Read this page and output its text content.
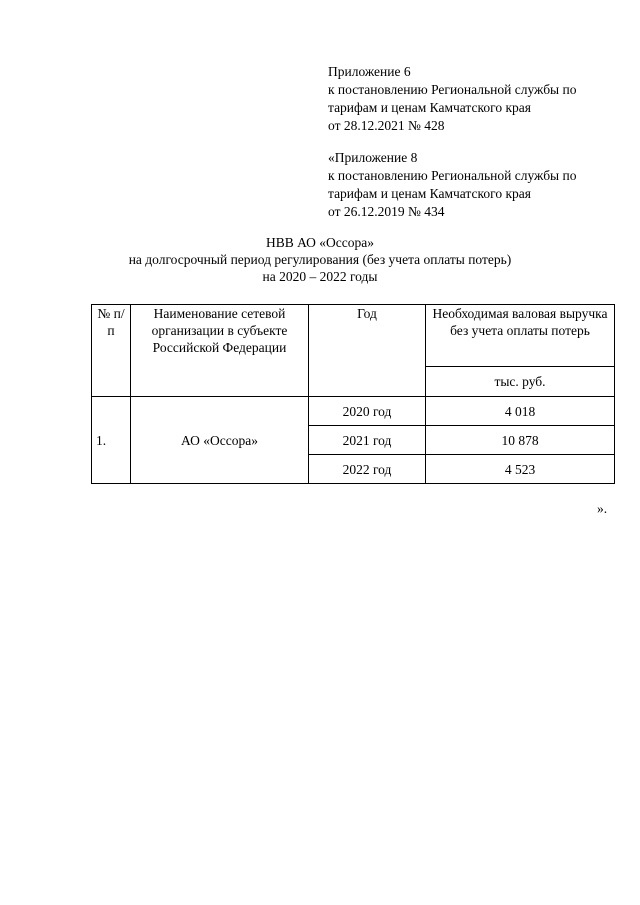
Приложение 6
к постановлению Региональной службы по
тарифам и ценам Камчатского края
от 28.12.2021 № 428
«Приложение 8
к постановлению Региональной службы по
тарифам и ценам Камчатского края
от 26.12.2019 № 434
НВВ АО «Оссора»
на долгосрочный период регулирования (без учета оплаты потерь)
на 2020 – 2022 годы
№ п/п	Наименование сетевой организации в субъекте Российской Федерации	Год	Необходимая валовая выручка без учета оплаты потерь
			тыс. руб.
1.	АО «Оссора»	2020 год	4 018
		2021 год	10 878
		2022 год	4 523
».
